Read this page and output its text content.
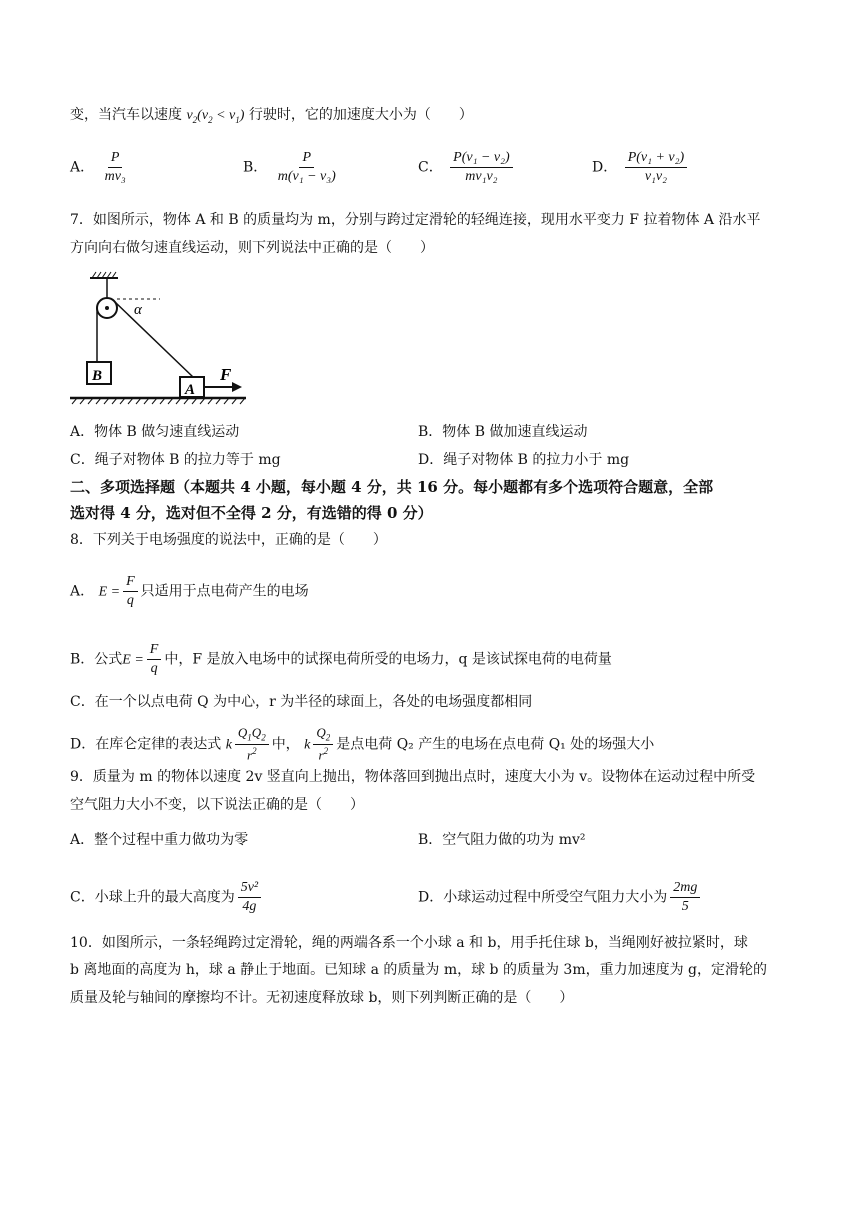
变，当汽车以速度 $v_2(v_2 < v_1)$ 行驶时，它的加速度大小为（　　）
A． $\frac{P}{\text{mv₃}}$	B． $\frac{P}{\text{m(v₁ − v₃)}}$	C． $\frac{\text{P(v₁ − v₂)}}{\text{mv₁v₂}}$	D． $\frac{\text{P(v₁ + v₂)}}{\text{v₁v₂}}$
7．如图所示，物体 A 和 B 的质量均为 m，分别与跨过定滑轮的轻绳连接，现用水平变力 F 拉着物体 A 沿水平
方向向右做匀速直线运动，则下列说法中正确的是（　　）
α
B
A
F
A．物体 B 做匀速直线运动	B．物体 B 做加速直线运动
C．绳子对物体 B 的拉力等于 mg	D．绳子对物体 B 的拉力小于 mg
二、多项选择题（本题共 4 小题，每小题 4 分，共 16 分。每小题都有多个选项符合题意，全部
选对得 4 分，选对但不全得 2 分，有选错的得 0 分）
8．下列关于电场强度的说法中，正确的是（　　）
A． $E = \frac{F}{q}$ 只适用于点电荷产生的电场
B．公式$E = \frac{F}{q}$ 中，F 是放入电场中的试探电荷所受的电场力，q 是该试探电荷的电荷量
C．在一个以点电荷 Q 为中心，r 为半径的球面上，各处的电场强度都相同
D．在库仑定律的表达式 k $\frac{Q_1Q_2}{r^2}$ 中， k $\frac{Q_2}{r^2}$ 是点电荷 Q₂ 产生的电场在点电荷 Q₁ 处的场强大小
9．质量为 m 的物体以速度 2v 竖直向上抛出，物体落回到抛出点时，速度大小为 v。设物体在运动过程中所受
空气阻力大小不变，以下说法正确的是（　　）
A．整个过程中重力做功为零	B．空气阻力做的功为 mv²
C．小球上升的最大高度为 $\frac{\text{5v²}}{4g}$	D．小球运动过程中所受空气阻力大小为 $\frac{2mg}{5}$
10．如图所示，一条轻绳跨过定滑轮，绳的两端各系一个小球 a 和 b，用手托住球 b，当绳刚好被拉紧时，球
b 离地面的高度为 h，球 a 静止于地面。已知球 a 的质量为 m，球 b 的质量为 3m，重力加速度为 g，定滑轮的
质量及轮与轴间的摩擦均不计。无初速度释放球 b，则下列判断正确的是（　　）
